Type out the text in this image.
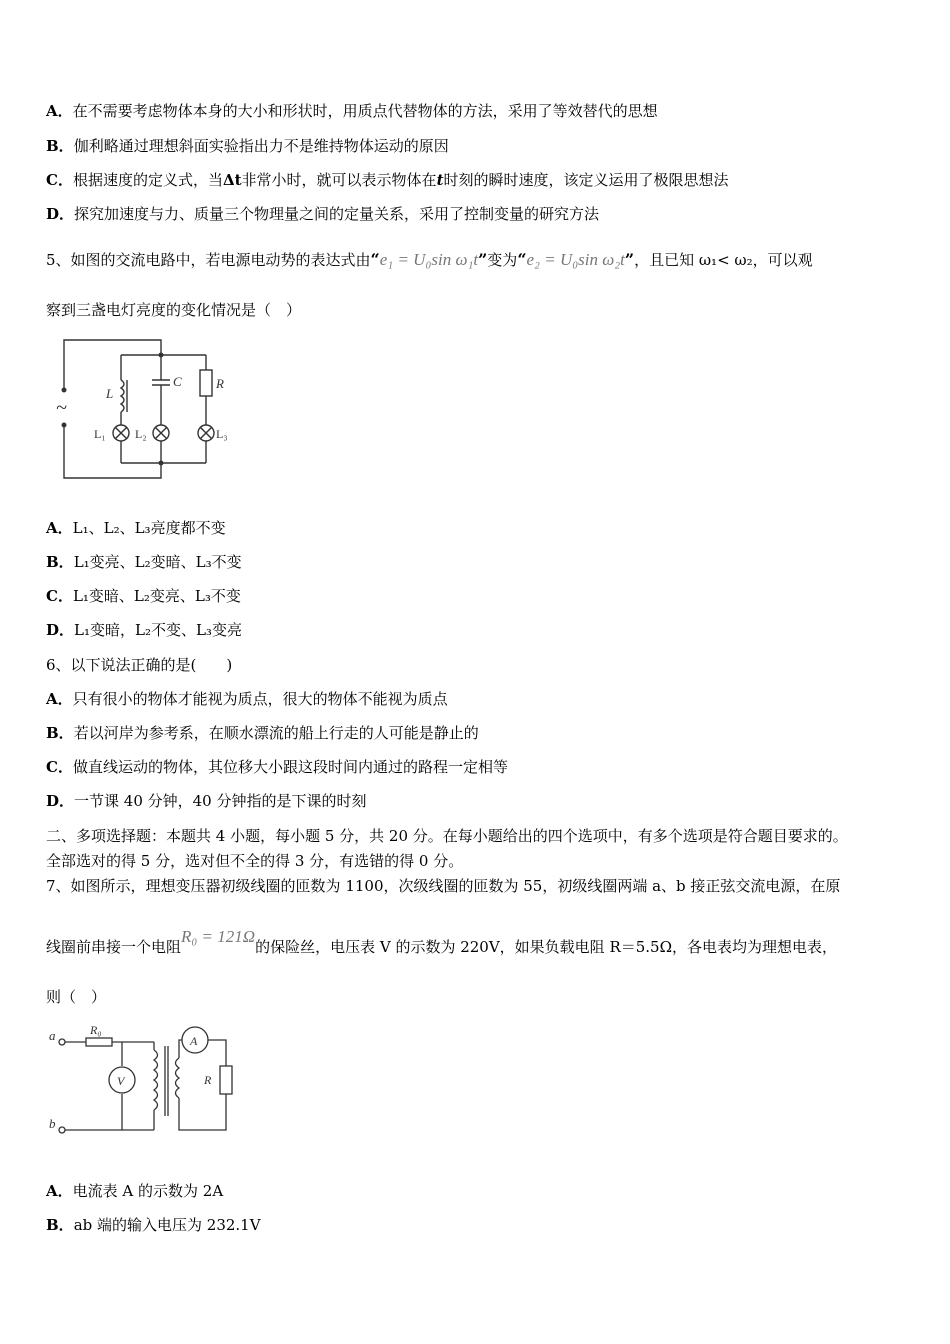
A．在不需要考虑物体本身的大小和形状时，用质点代替物体的方法，采用了等效替代的思想
B．伽利略通过理想斜面实验指出力不是维持物体运动的原因
C．根据速度的定义式，当Δt非常小时，就可以表示物体在t时刻的瞬时速度，该定义运用了极限思想法
D．探究加速度与力、质量三个物理量之间的定量关系，采用了控制变量的研究方法
5、如图的交流电路中，若电源电动势的表达式由“e₁ = U₀sin ω₁t”变为“e₂ = U₀sin ω₂t”，且已知 ω₁< ω₂，可以观
察到三盏电灯亮度的变化情况是（　）
~
L
C	R
L₁ L₂	L₃
A．L₁、L₂、L₃亮度都不变
B．L₁变亮、L₂变暗、L₃不变
C．L₁变暗、L₂变亮、L₃不变
D．L₁变暗，L₂不变、L₃变亮
6、以下说法正确的是(　　)
A．只有很小的物体才能视为质点，很大的物体不能视为质点
B．若以河岸为参考系，在顺水漂流的船上行走的人可能是静止的
C．做直线运动的物体，其位移大小跟这段时间内通过的路程一定相等
D．一节课 40 分钟，40 分钟指的是下课的时刻
二、多项选择题：本题共 4 小题，每小题 5 分，共 20 分。在每小题给出的四个选项中，有多个选项是符合题目要求的。
全部选对的得 5 分，选对但不全的得 3 分，有选错的得 0 分。
7、如图所示，理想变压器初级线圈的匝数为 1100，次级线圈的匝数为 55，初级线圈两端 a、b 接正弦交流电源，在原
线圈前串接一个电阻R₀ = 121Ω的保险丝，电压表 V 的示数为 220V，如果负载电阻 R＝5.5Ω，各电表均为理想电表，
则（　）
a
b
R₀
V
A
R
A．电流表 A 的示数为 2A
B．ab 端的输入电压为 232.1V
